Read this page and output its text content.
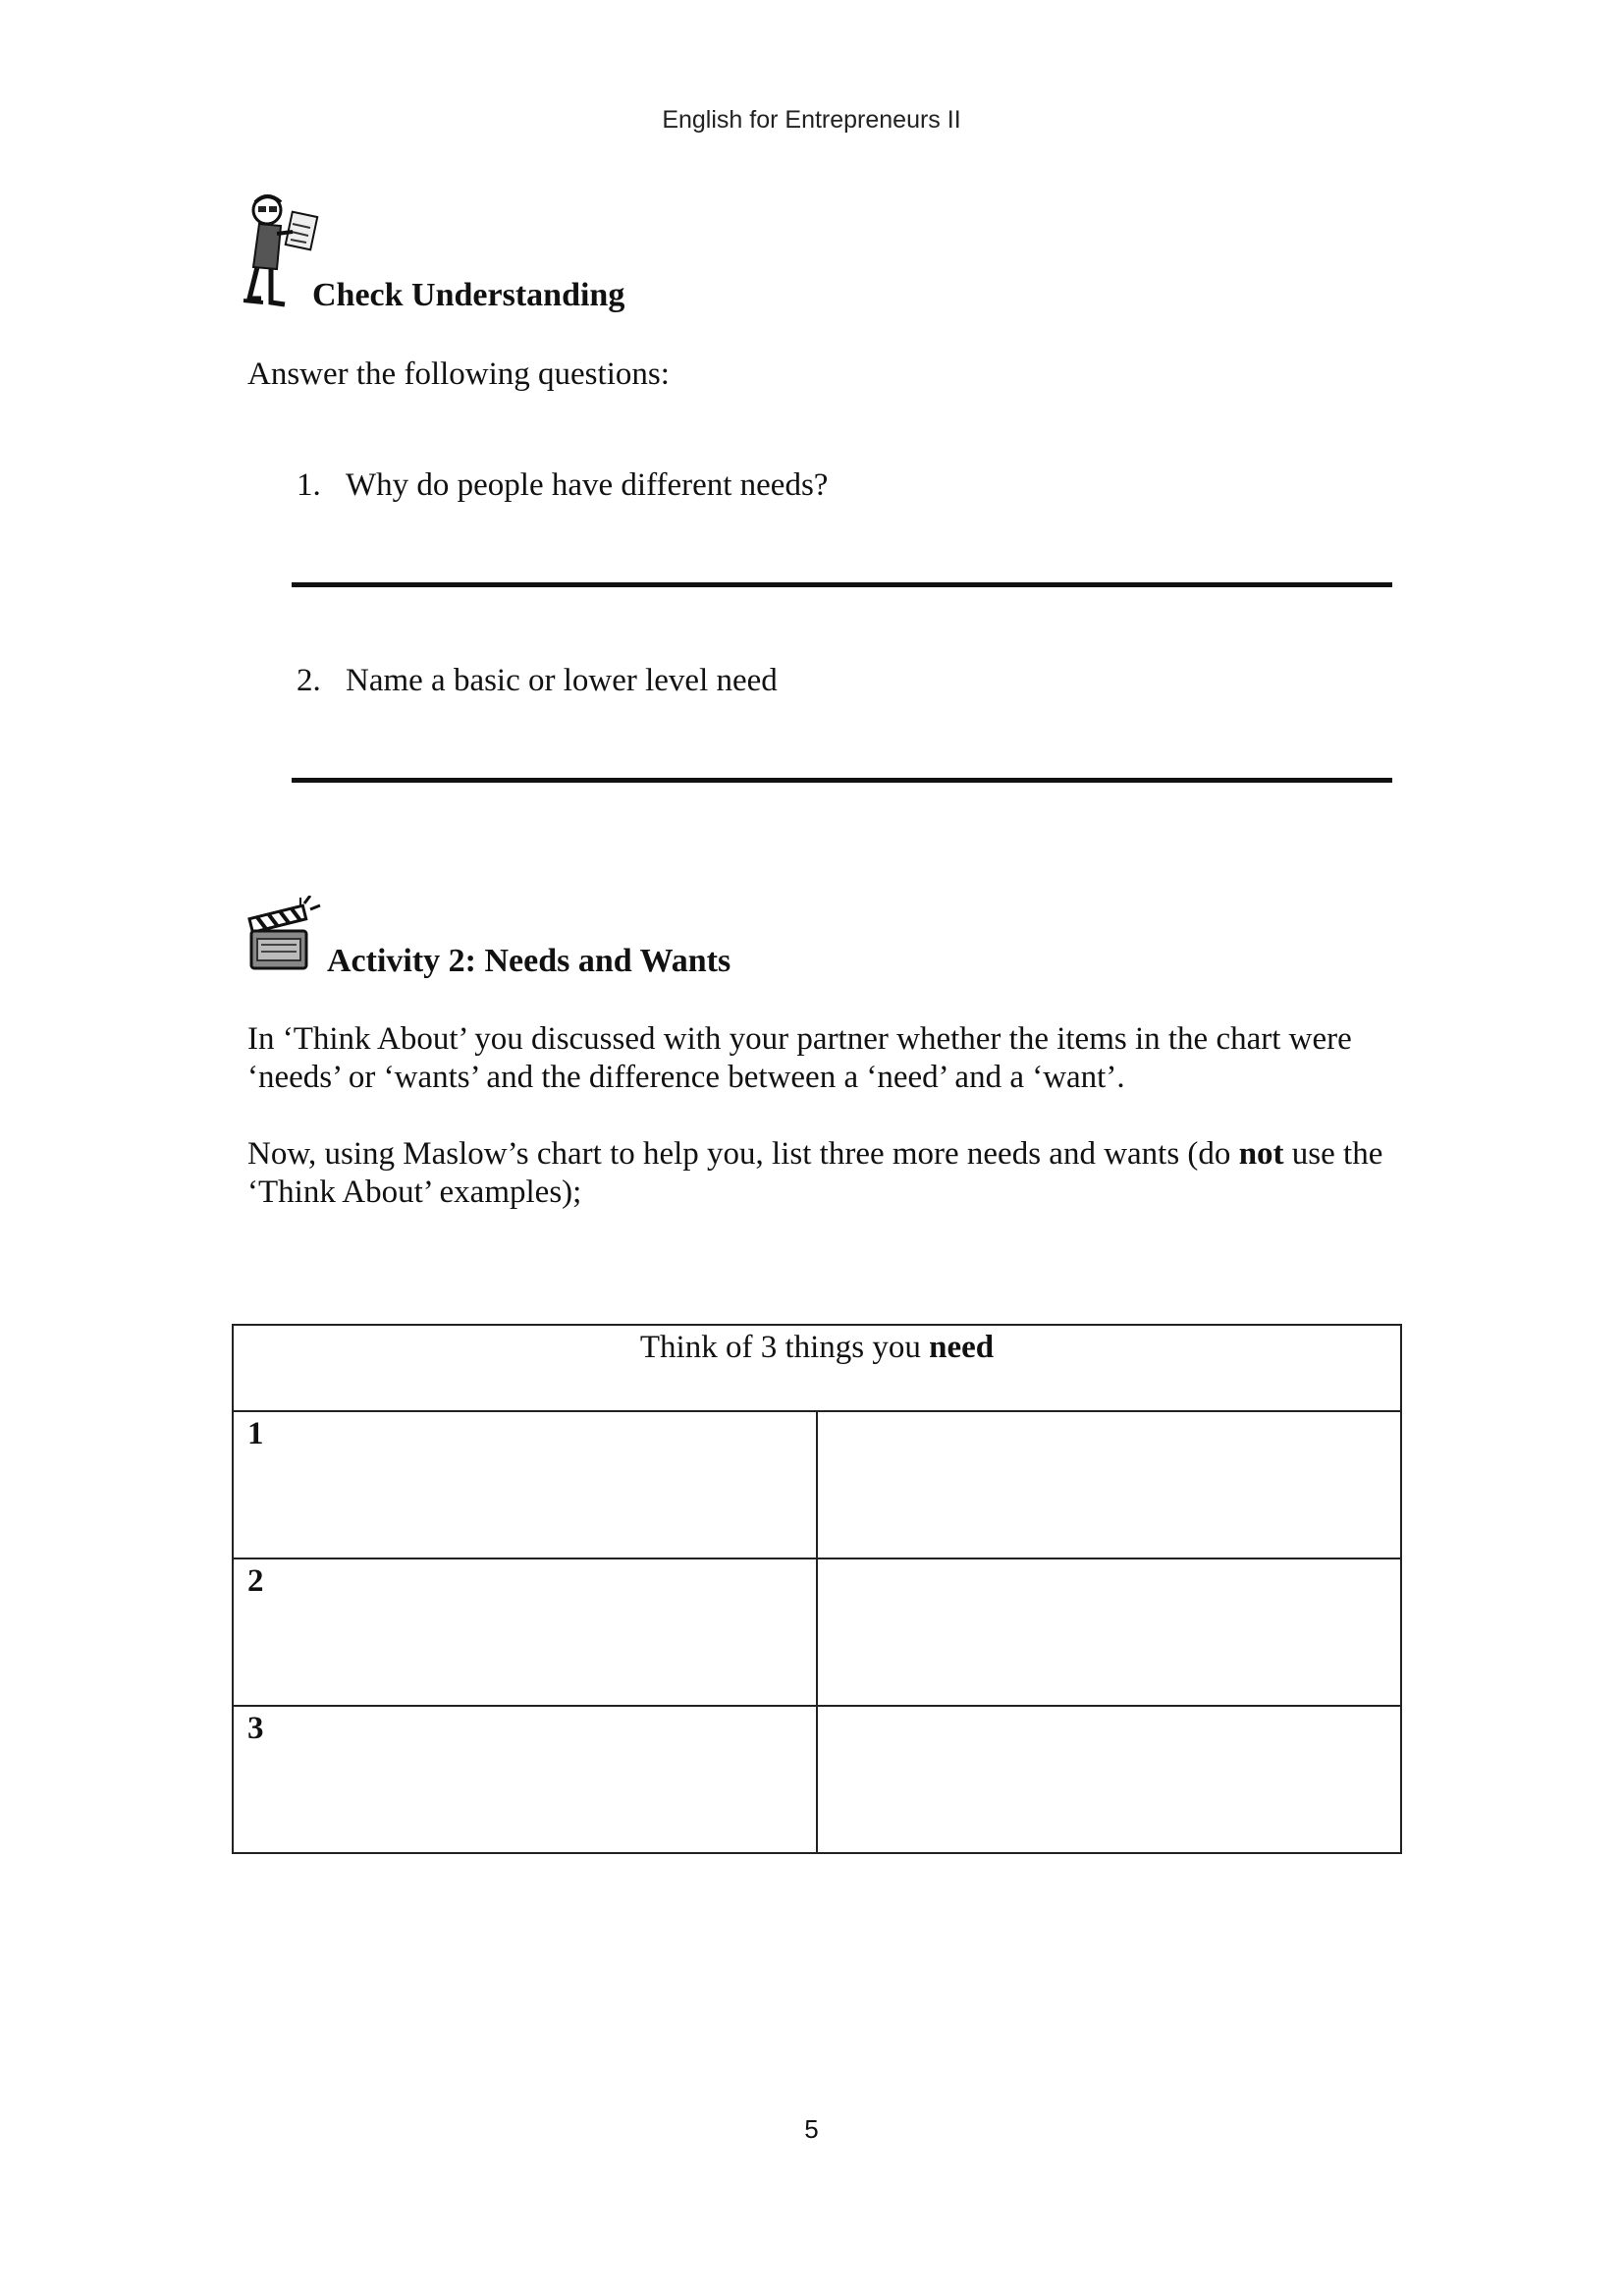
English for Entrepreneurs II
Check Understanding

Answer the following questions:

1. Why do people have different needs?
2. Name a basic or lower level need
Activity 2: Needs and Wants

In ‘Think About’ you discussed with your partner whether the items in the chart were ‘needs’ or ‘wants’ and the difference between a ‘need’ and a ‘want’.

Now, using Maslow’s chart to help you, list three more needs and wants (do not use the ‘Think About’ examples);

Think of 3 things you need	
1	
2	
3	
5
